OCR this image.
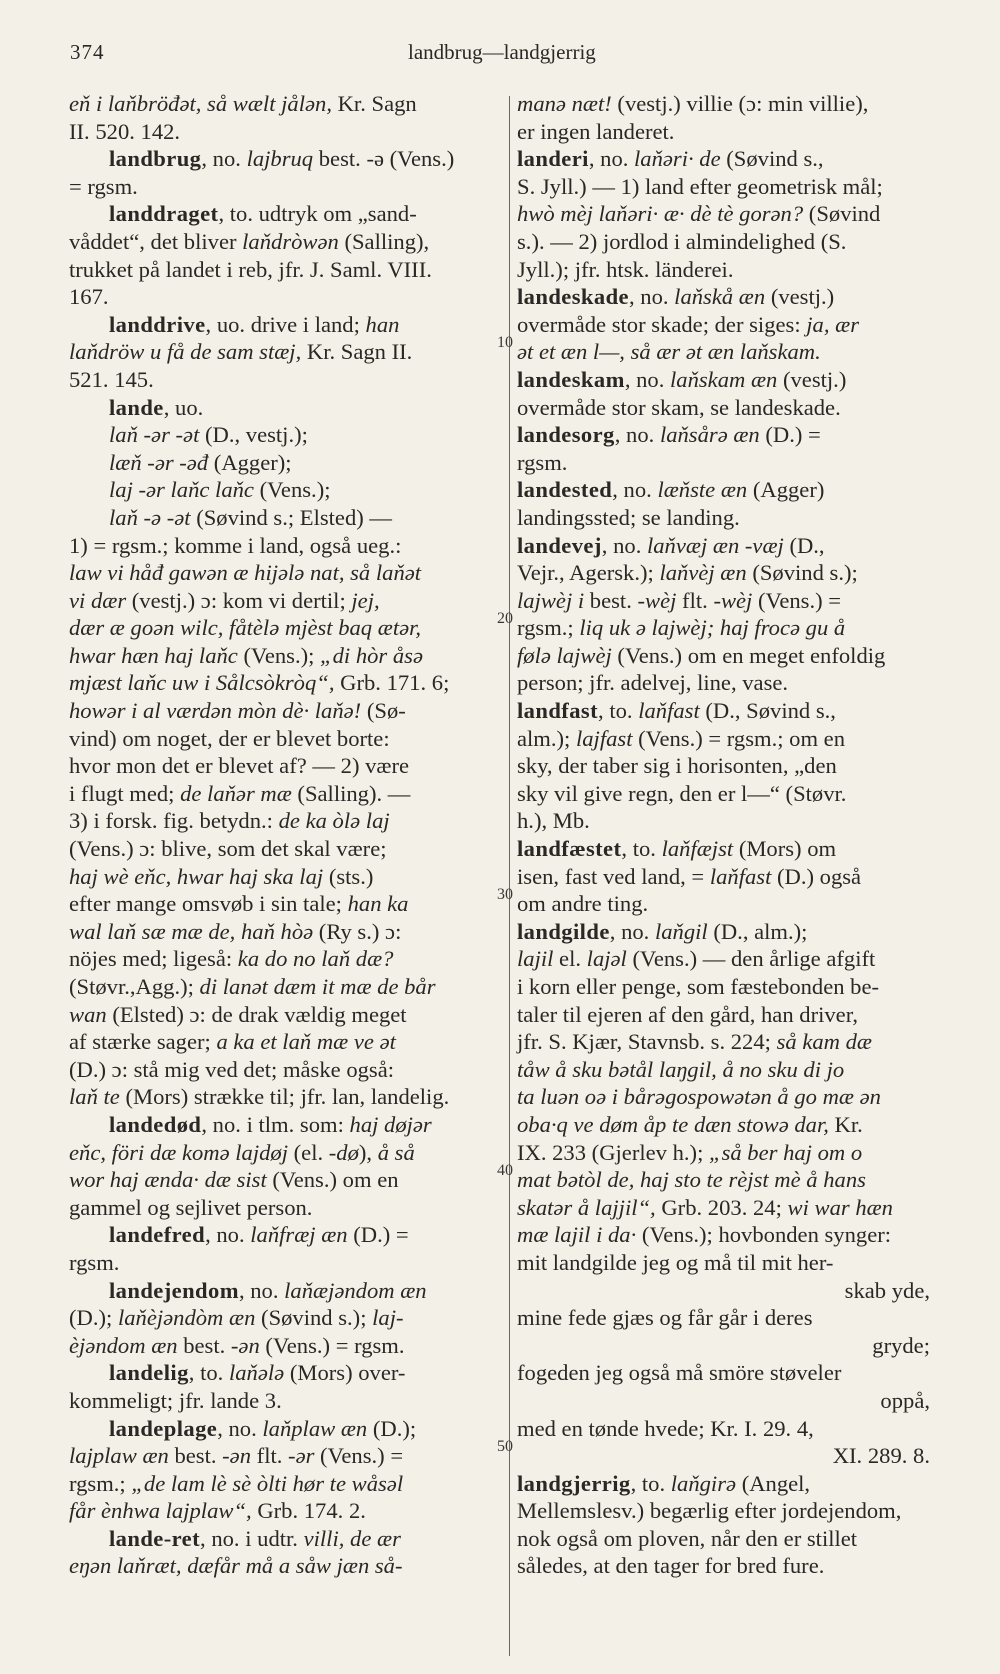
374	landbrug—landgjerrig
eň i laňbröđət, så wælt jålən, Kr. Sagn
II. 520. 142.
landbrug, no. lajbruq best. -ə (Vens.)
= rgsm.
landdraget, to. udtryk om „sand-
våddet“, det bliver laňdròwən (Salling),
trukket på landet i reb, jfr. J. Saml. VIII.
167.
landdrive, uo. drive i land; han
laňdröw u få de sam stæj, Kr. Sagn II.
521. 145.
lande, uo.
laň -ər -ət (D., vestj.);
læň -ər -əđ (Agger);
laj -ər laňc laňc (Vens.);
laň -ə -ət (Søvind s.; Elsted) —
1) = rgsm.; komme i land, også ueg.:
law vi håđ gawən æ hijələ nat, så laňət
vi dær (vestj.) ɔ: kom vi dertil; jej,
dær æ goən wilc, fåtèlə mjèst baq ætər,
hwar hæn haj laňc (Vens.); „di hòr åsə
mjæst laňc uw i Sålcsòkròq“, Grb. 171. 6;
howər i al værdən mòn dè· laňə! (Sø-
vind) om noget, der er blevet borte:
hvor mon det er blevet af? — 2) være
i flugt med; de laňər mæ (Salling). —
3) i forsk. fig. betydn.: de ka òlə laj
(Vens.) ɔ: blive, som det skal være;
haj wè eňc, hwar haj ska laj (sts.)
efter mange omsvøb i sin tale; han ka
wal laň sæ mæ de, haň hòə (Ry s.) ɔ:
nöjes med; ligeså: ka do no laň dæ?
(Støvr.,Agg.); di lanət dæm it mæ de bår
wan (Elsted) ɔ: de drak vældig meget
af stærke sager; a ka et laň mæ ve ət
(D.) ɔ: stå mig ved det; måske også:
laň te (Mors) strække til; jfr. lan, landelig.
landedød, no. i tlm. som: haj døjər
eňc, föri dæ komə lajdøj (el. -dø), å så
wor haj ænda· dæ sist (Vens.) om en
gammel og sejlivet person.
landefred, no. laňfræj æn (D.) =
rgsm.
landejendom, no. laňæjəndom æn
(D.); laňèjəndòm æn (Søvind s.); laj-
èjəndom æn best. -ən (Vens.) = rgsm.
landelig, to. laňələ (Mors) over-
kommeligt; jfr. lande 3.
landeplage, no. laňplaw æn (D.);
lajplaw æn best. -ən flt. -ər (Vens.) =
rgsm.; „de lam lè sè òlti hør te wåsəl
får ènhwa lajplaw“, Grb. 174. 2.
lande-ret, no. i udtr. villi, de ær
eŋən laňræt, dæfår må a såw jæn så-
manə næt! (vestj.) villie (ɔ: min villie),
er ingen landeret.
landeri, no. laňəri· de (Søvind s.,
S. Jyll.) — 1) land efter geometrisk mål;
hwò mèj laňəri· æ· dè tè gorən? (Søvind
s.). — 2) jordlod i almindelighed (S.
Jyll.); jfr. htsk. länderei.
landeskade, no. laňskå æn (vestj.)
overmåde stor skade; der siges: ja, ær
ət et æn l—, så ær ət æn laňskam.
landeskam, no. laňskam æn (vestj.)
overmåde stor skam, se landeskade.
landesorg, no. laňsårə æn (D.) =
rgsm.
landested, no. læňste æn (Agger)
landingssted; se landing.
landevej, no. laňvæj æn -væj (D.,
Vejr., Agersk.); laňvèj æn (Søvind s.);
lajwèj i best. -wèj flt. -wèj (Vens.) =
rgsm.; liq uk ə lajwèj; haj frocə gu å
følə lajwèj (Vens.) om en meget enfoldig
person; jfr. adelvej, line, vase.
landfast, to. laňfast (D., Søvind s.,
alm.); lajfast (Vens.) = rgsm.; om en
sky, der taber sig i horisonten, „den
sky vil give regn, den er l—“ (Støvr.
h.), Mb.
landfæstet, to. laňfæjst (Mors) om
isen, fast ved land, = laňfast (D.) også
om andre ting.
landgilde, no. laňgil (D., alm.);
lajil el. lajəl (Vens.) — den årlige afgift
i korn eller penge, som fæstebonden be-
taler til ejeren af den gård, han driver,
jfr. S. Kjær, Stavnsb. s. 224; så kam dæ
tåw å sku bətål laŋgil, å no sku di jo
ta luən oə i bårəgospowətən å go mæ ən
oba·q ve døm åp te dæn stowə dar, Kr.
IX. 233 (Gjerlev h.); „så ber haj om o
mat bətòl de, haj sto te rèjst mè å hans
skatər å lajjil“, Grb. 203. 24; wi war hæn
mæ lajil i da· (Vens.); hovbonden synger:
mit landgilde jeg og må til mit her-
skab yde,
mine fede gjæs og får går i deres
gryde;
fogeden jeg også må smöre støveler
oppå,
med en tønde hvede; Kr. I. 29. 4,
XI. 289. 8.
landgjerrig, to. laňgirə (Angel,
Mellemslesv.) begærlig efter jordejendom,
nok også om ploven, når den er stillet
således, at den tager for bred fure.
10
20
30
40
50
